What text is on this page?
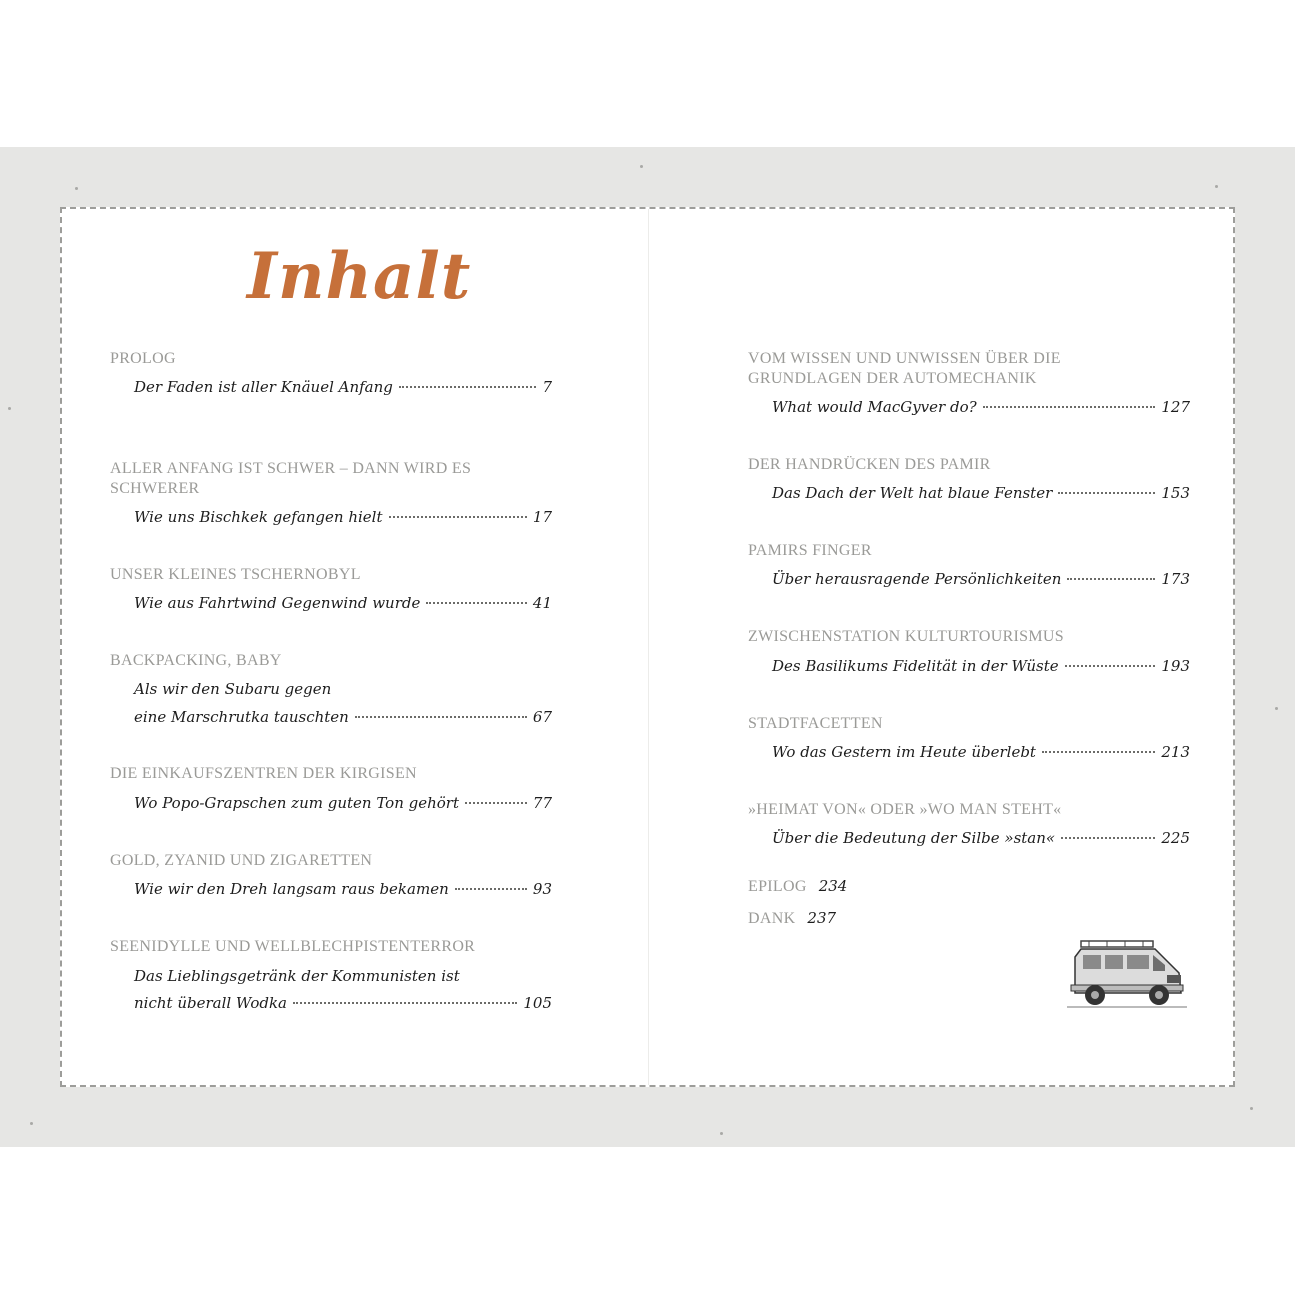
Inhalt
PROLOG
Der Faden ist aller Knäuel Anfang	7
ALLER ANFANG IST SCHWER – DANN WIRD ES SCHWERER
Wie uns Bischkek gefangen hielt	17
UNSER KLEINES TSCHERNOBYL
Wie aus Fahrtwind Gegenwind wurde	41
BACKPACKING, BABY
Als wir den Subaru gegen
eine Marschrutka tauschten	67
DIE EINKAUFSZENTREN DER KIRGISEN
Wo Popo-Grapschen zum guten Ton gehört	77
GOLD, ZYANID UND ZIGARETTEN
Wie wir den Dreh langsam raus bekamen	93
SEENIDYLLE UND WELLBLECHPISTENTERROR
Das Lieblingsgetränk der Kommunisten ist
nicht überall Wodka	105
VOM WISSEN UND UNWISSEN ÜBER DIE GRUNDLAGEN DER AUTOMECHANIK
What would MacGyver do?	127
DER HANDRÜCKEN DES PAMIR
Das Dach der Welt hat blaue Fenster	153
PAMIRS FINGER
Über herausragende Persönlichkeiten	173
ZWISCHENSTATION KULTURTOURISMUS
Des Basilikums Fidelität in der Wüste	193
STADTFACETTEN
Wo das Gestern im Heute überlebt	213
»HEIMAT VON« ODER »WO MAN STEHT«
Über die Bedeutung der Silbe »stan«	225
EPILOG 234
DANK 237
